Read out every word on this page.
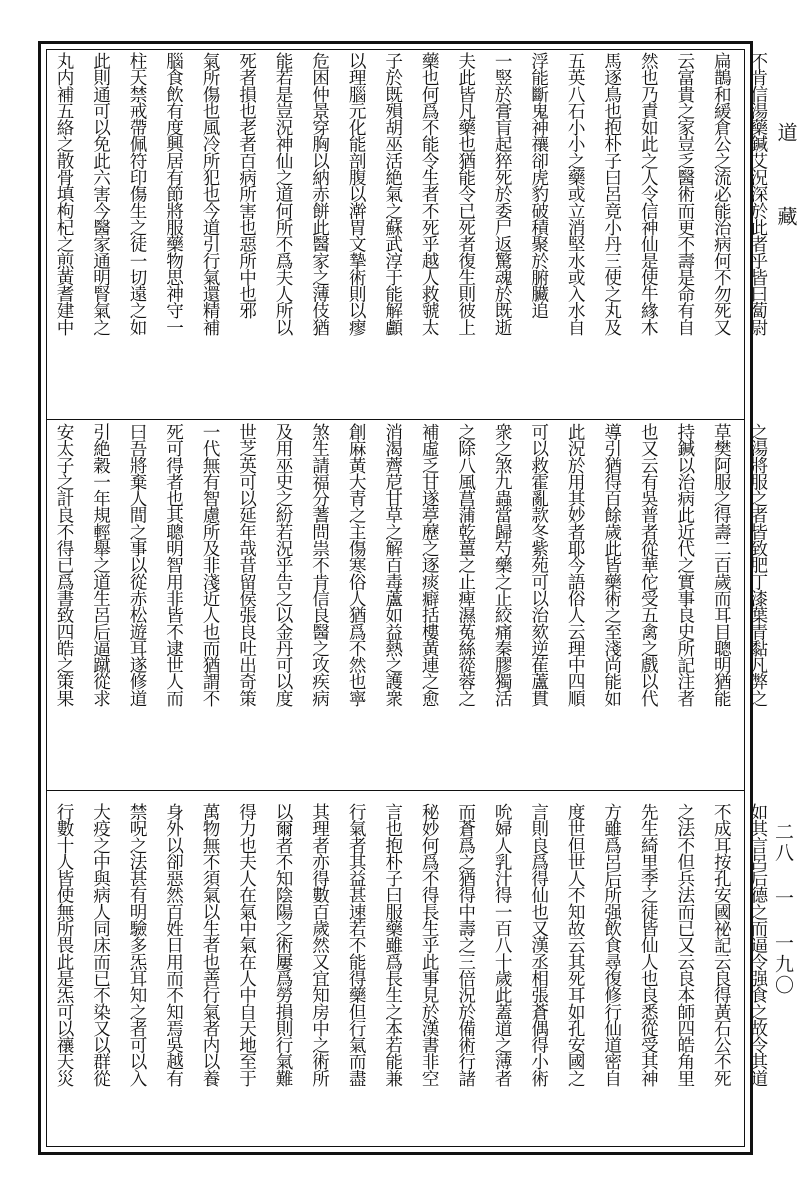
道 藏
二八 一 一九〇
不肯信湯藥鍼艾況深於此者乎皆曰蔔尉
扁鵲和緩倉公之流必能治病何不勿死又
云富貴之家豈乏醫術而更不壽是命有自
然也乃責如此之人令信神仙是使牛緣木
馬逐鳥也抱朴子曰呂竟小丹三使之丸及
五英八石小小之藥或立消堅水或入水自
浮能斷鬼神禳卻虎豹破積聚於腑臟追
一竪於膏肓起猝死於委尸返驚魂於既逝
夫此皆凡藥也猶能令已死者復生則彼上
藥也何爲不能令生者不死乎越人救虢太
子於既殞胡巫活絶氣之蘇武淳于能解顱
以理腦元化能剖腹以澣胃文摯術則以瘳
危困仲景穿胸以納赤餅此醫家之薄伎猶
能若是豈況神仙之道何所不爲夫人所以
死者損也老者百病所害也惡所中也邪
氣所傷也風冷所犯也今道引行氣還精補
腦食飲有度興居有節將服藥物思神守一
柱天禁戒帶佩符印傷生之徒一切遠之如
此則通可以免此六害今醫家通明腎氣之
丸内補五絡之散骨填枸杞之煎黃耆建中
之湯將服之者皆致肥丁漆葉青黏凡弊之
草樊阿服之得壽二百歲而耳目聰明猶能
持鍼以治病此近代之實事良史所記注者
也又云有吳普者從華佗受五禽之戲以代
導引猶得百餘歲此皆藥術之至淺尚能如
此況於用其妙者耶今語俗人云理中四順
可以救霍亂款冬紫苑可以治欬逆萑蘆貫
衆之煞九蟲當歸芍藥之止絞痛秦膠獨活
之除八風菖蒲乾薑之止痺濕菟絲蓯蓉之
補虛乏甘遂葶藶之逐痰癖括樓黃連之愈
消渴薺苨甘草之解百毒蘆如益熱之護衆
創麻黃大青之主傷寒俗人猶爲不然也寧
煞生請福分蓍問祟不肯信良醫之攻疾病
及用巫史之紛若況乎告之以金丹可以度
世芝英可以延年哉昔留侯張良吐出奇策
一代無有智慮所及非淺近人也而猶謂不
死可得者也其聰明智用非皆不逮世人而
曰吾將棄人間之事以從赤松遊耳遂修道
引絶穀一年規輕舉之道生呂后逼蹴從求
安太子之計良不得已爲書致四皓之策果
如其言呂后德之而逼令强食之故令其道
不成耳按孔安國祕記云良得黃石公不死
之法不但兵法而已又云良本師四皓角里
先生綺里季之徒皆仙人也良悉從受其神
方雖爲呂后所强飲食尋復修行仙道密自
度世但世人不知故云其死耳如孔安國之
言則良爲得仙也又漢丞相張蒼偶得小術
吮婦人乳汁得一百八十歲此蓋道之薄者
而蒼爲之猶得中壽之三倍況於備術行諸
秘妙何爲不得長生乎此事見於漢書非空
言也抱朴子曰服藥雖爲長生之本若能兼
行氣者其益甚速若不能得藥但行氣而盡
其理者亦得數百歲然又宜知房中之術所
以爾者不知陰陽之術屢爲勞損則行氣難
得力也夫人在氣中氣在人中自天地至于
萬物無不須氣以生者也善行氣者内以養
身外以卻惡然百姓日用而不知焉吳越有
禁呪之法甚有明驗多炁耳知之者可以入
大疫之中與病人同床而已不染又以群從
行數十人皆使無所畏此是炁可以禳天災
